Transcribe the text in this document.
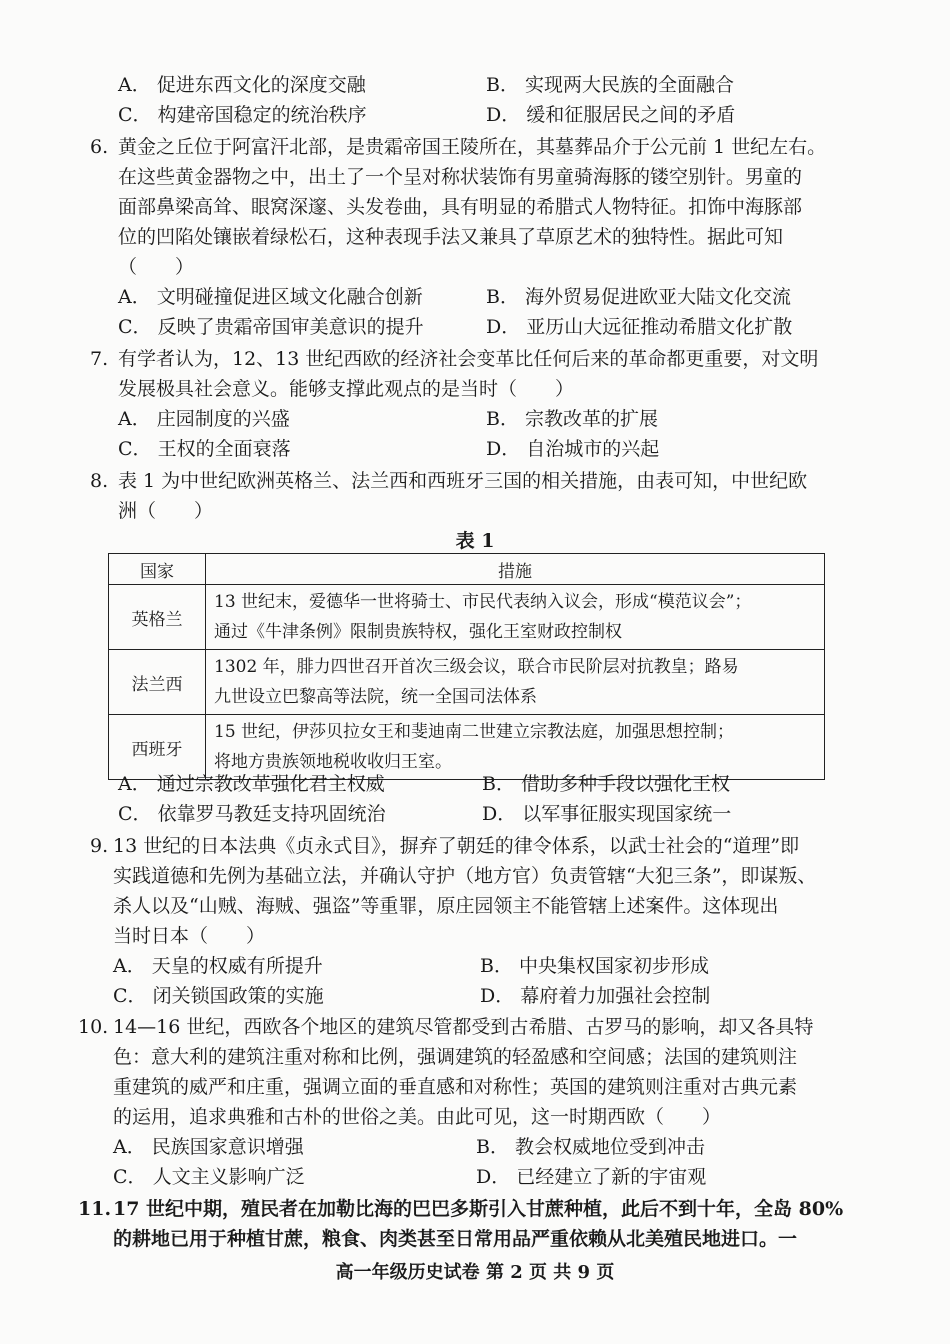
A． 促进东西文化的深度交融	B． 实现两大民族的全面融合
C． 构建帝国稳定的统治秩序	D． 缓和征服居民之间的矛盾
6. 黄金之丘位于阿富汗北部，是贵霜帝国王陵所在，其墓葬品介于公元前 1 世纪左右。
在这些黄金器物之中，出土了一个呈对称状装饰有男童骑海豚的镂空别针。男童的
面部鼻梁高耸、眼窝深邃、头发卷曲，具有明显的希腊式人物特征。扣饰中海豚部
位的凹陷处镶嵌着绿松石，这种表现手法又兼具了草原艺术的独特性。据此可知
（　　）
A． 文明碰撞促进区域文化融合创新	B． 海外贸易促进欧亚大陆文化交流
C． 反映了贵霜帝国审美意识的提升	D． 亚历山大远征推动希腊文化扩散
7. 有学者认为，12、13 世纪西欧的经济社会变革比任何后来的革命都更重要，对文明
发展极具社会意义。能够支撑此观点的是当时（　　）
A． 庄园制度的兴盛	B． 宗教改革的扩展
C． 王权的全面衰落	D． 自治城市的兴起
8. 表 1 为中世纪欧洲英格兰、法兰西和西班牙三国的相关措施，由表可知，中世纪欧
洲（　　）
表 1
国家	措施
英格兰	13 世纪末，爱德华一世将骑士、市民代表纳入议会，形成“模范议会”；
通过《牛津条例》限制贵族特权，强化王室财政控制权

法兰西	1302 年，腓力四世召开首次三级会议，联合市民阶层对抗教皇；路易
九世设立巴黎高等法院，统一全国司法体系

西班牙	15 世纪，伊莎贝拉女王和斐迪南二世建立宗教法庭，加强思想控制；
将地方贵族领地税收收归王室。
A． 通过宗教改革强化君主权威	B． 借助多种手段以强化王权
C． 依靠罗马教廷支持巩固统治	D． 以军事征服实现国家统一
9. 13 世纪的日本法典《贞永式目》，摒弃了朝廷的律令体系，以武士社会的“道理”即
实践道德和先例为基础立法，并确认守护（地方官）负责管辖“大犯三条”，即谋叛、
杀人以及“山贼、海贼、强盗”等重罪，原庄园领主不能管辖上述案件。这体现出
当时日本（　　）
A． 天皇的权威有所提升	B． 中央集权国家初步形成
C． 闭关锁国政策的实施	D． 幕府着力加强社会控制
10. 14—16 世纪，西欧各个地区的建筑尽管都受到古希腊、古罗马的影响，却又各具特
色：意大利的建筑注重对称和比例，强调建筑的轻盈感和空间感；法国的建筑则注
重建筑的威严和庄重，强调立面的垂直感和对称性；英国的建筑则注重对古典元素
的运用，追求典雅和古朴的世俗之美。由此可见，这一时期西欧（　　）
A． 民族国家意识增强	B． 教会权威地位受到冲击
C． 人文主义影响广泛	D． 已经建立了新的宇宙观
11. 17 世纪中期，殖民者在加勒比海的巴巴多斯引入甘蔗种植，此后不到十年，全岛 80%
的耕地已用于种植甘蔗，粮食、肉类甚至日常用品严重依赖从北美殖民地进口。一
高一年级历史试卷 第 2 页 共 9 页
